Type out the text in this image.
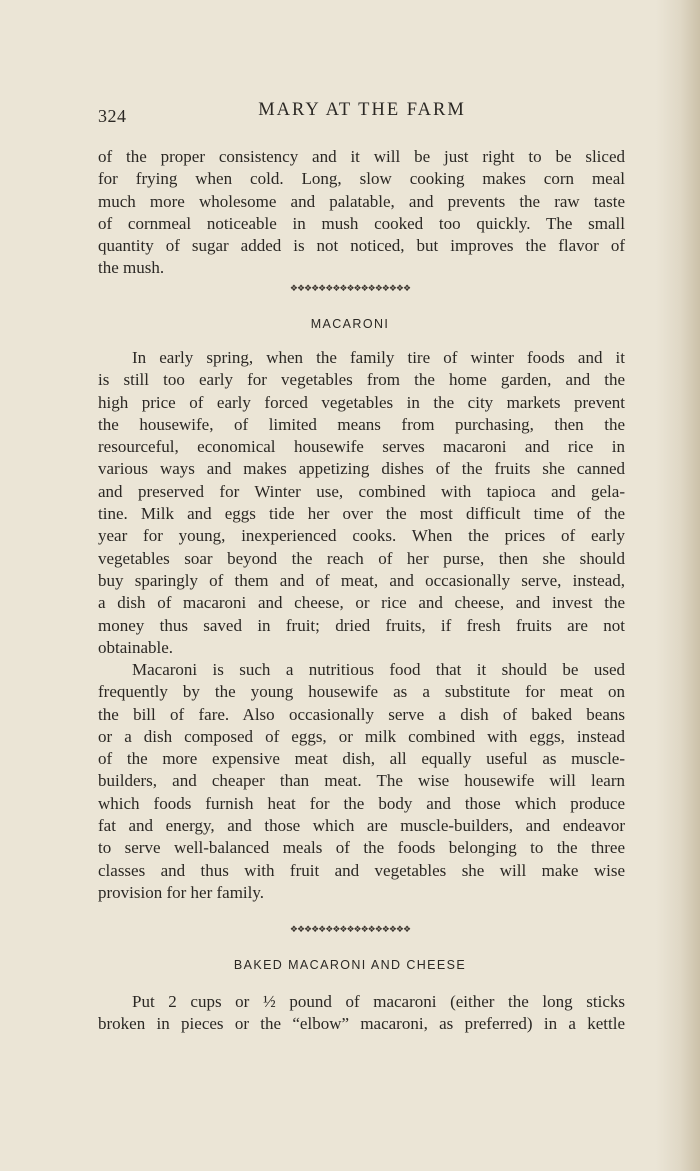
324	MARY AT THE FARM
of the proper consistency and it will be just right to be sliced
for frying when cold. Long, slow cooking makes corn meal
much more wholesome and palatable, and prevents the raw taste
of cornmeal noticeable in mush cooked too quickly. The small
quantity of sugar added is not noticed, but improves the flavor of
the mush.
❖❖❖❖❖❖❖❖❖❖❖❖❖❖❖❖❖
MACARONI
In early spring, when the family tire of winter foods and it
is still too early for vegetables from the home garden, and the
high price of early forced vegetables in the city markets prevent
the housewife, of limited means from purchasing, then the
resourceful, economical housewife serves macaroni and rice in
various ways and makes appetizing dishes of the fruits she canned
and preserved for Winter use, combined with tapioca and gela-
tine. Milk and eggs tide her over the most difficult time of the
year for young, inexperienced cooks. When the prices of early
vegetables soar beyond the reach of her purse, then she should
buy sparingly of them and of meat, and occasionally serve, instead,
a dish of macaroni and cheese, or rice and cheese, and invest the
money thus saved in fruit; dried fruits, if fresh fruits are not
obtainable.
Macaroni is such a nutritious food that it should be used
frequently by the young housewife as a substitute for meat on
the bill of fare. Also occasionally serve a dish of baked beans
or a dish composed of eggs, or milk combined with eggs, instead
of the more expensive meat dish, all equally useful as muscle-
builders, and cheaper than meat. The wise housewife will learn
which foods furnish heat for the body and those which produce
fat and energy, and those which are muscle-builders, and endeavor
to serve well-balanced meals of the foods belonging to the three
classes and thus with fruit and vegetables she will make wise
provision for her family.
❖❖❖❖❖❖❖❖❖❖❖❖❖❖❖❖❖
BAKED MACARONI AND CHEESE
Put 2 cups or ½ pound of macaroni (either the long sticks
broken in pieces or the “elbow” macaroni, as preferred) in a kettle
